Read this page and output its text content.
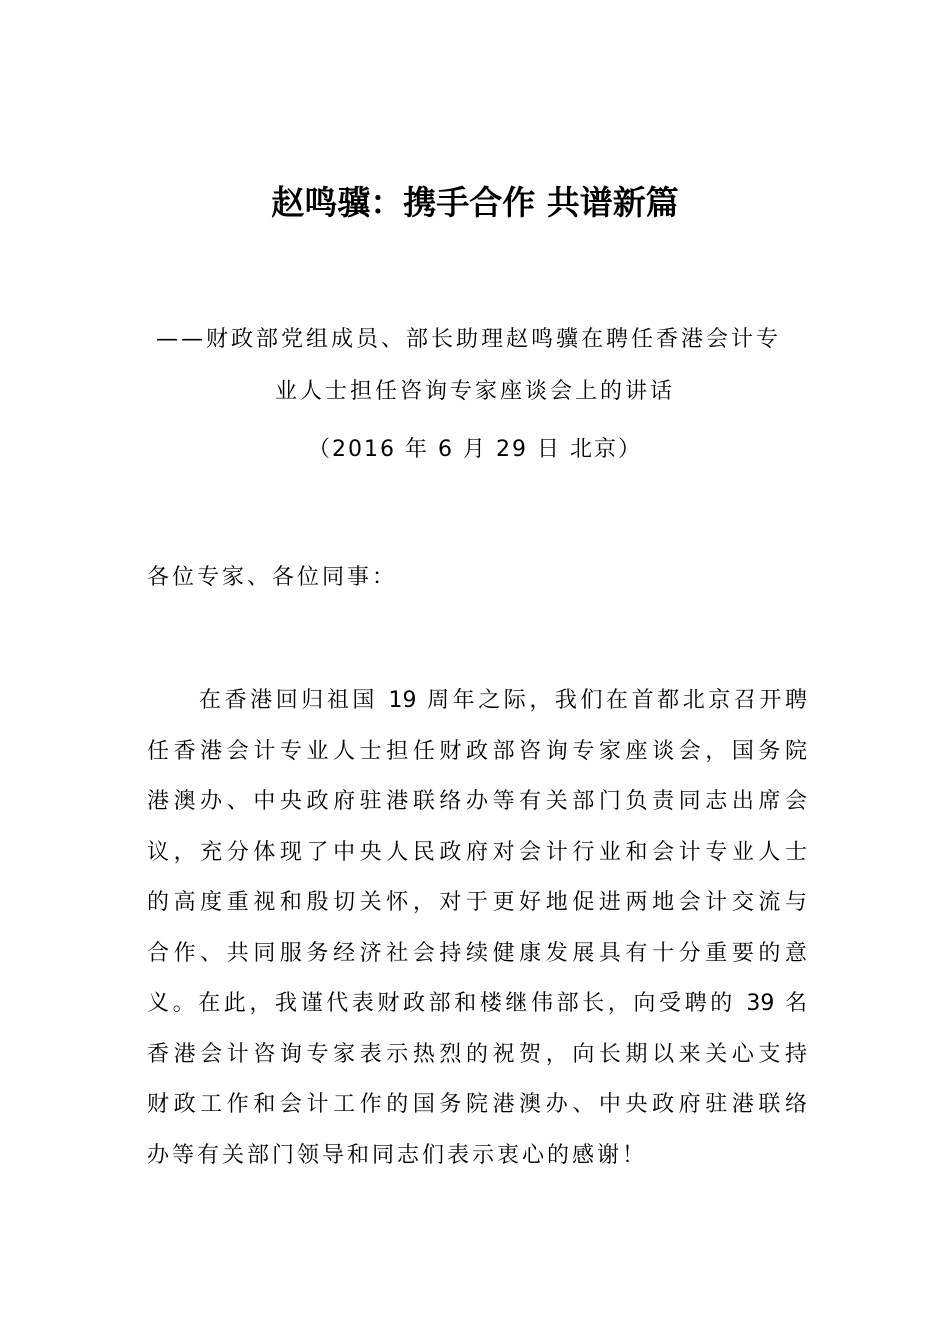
赵鸣骥：携手合作 共谱新篇
——财政部党组成员、部长助理赵鸣骥在聘任香港会计专
业人士担任咨询专家座谈会上的讲话
（2016 年 6 月 29 日 北京）
各位专家、各位同事：
在香港回归祖国 19 周年之际，我们在首都北京召开聘
任香港会计专业人士担任财政部咨询专家座谈会，国务院
港澳办、中央政府驻港联络办等有关部门负责同志出席会
议，充分体现了中央人民政府对会计行业和会计专业人士
的高度重视和殷切关怀，对于更好地促进两地会计交流与
合作、共同服务经济社会持续健康发展具有十分重要的意
义。在此，我谨代表财政部和楼继伟部长，向受聘的 39 名
香港会计咨询专家表示热烈的祝贺，向长期以来关心支持
财政工作和会计工作的国务院港澳办、中央政府驻港联络
办等有关部门领导和同志们表示衷心的感谢！
